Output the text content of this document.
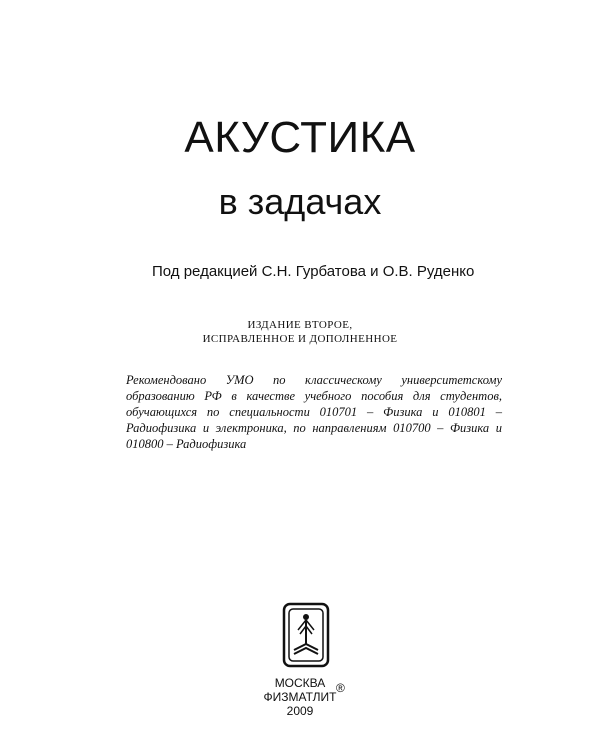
АКУСТИКА
в задачах
Под редакцией С.Н. Гурбатова и О.В. Руденко
ИЗДАНИЕ ВТОРОЕ,
ИСПРАВЛЕННОЕ И ДОПОЛНЕННОЕ
Рекомендовано УМО по классическому университетскому образованию РФ в качестве учебного пособия для студентов, обучающихся по специальности 010701 – Физика и 010801 – Радиофизика и электроника, по направлениям 010700 – Физика и 010800 – Радиофизика
МОСКВА
ФИЗМАТЛИТ
2009
®
